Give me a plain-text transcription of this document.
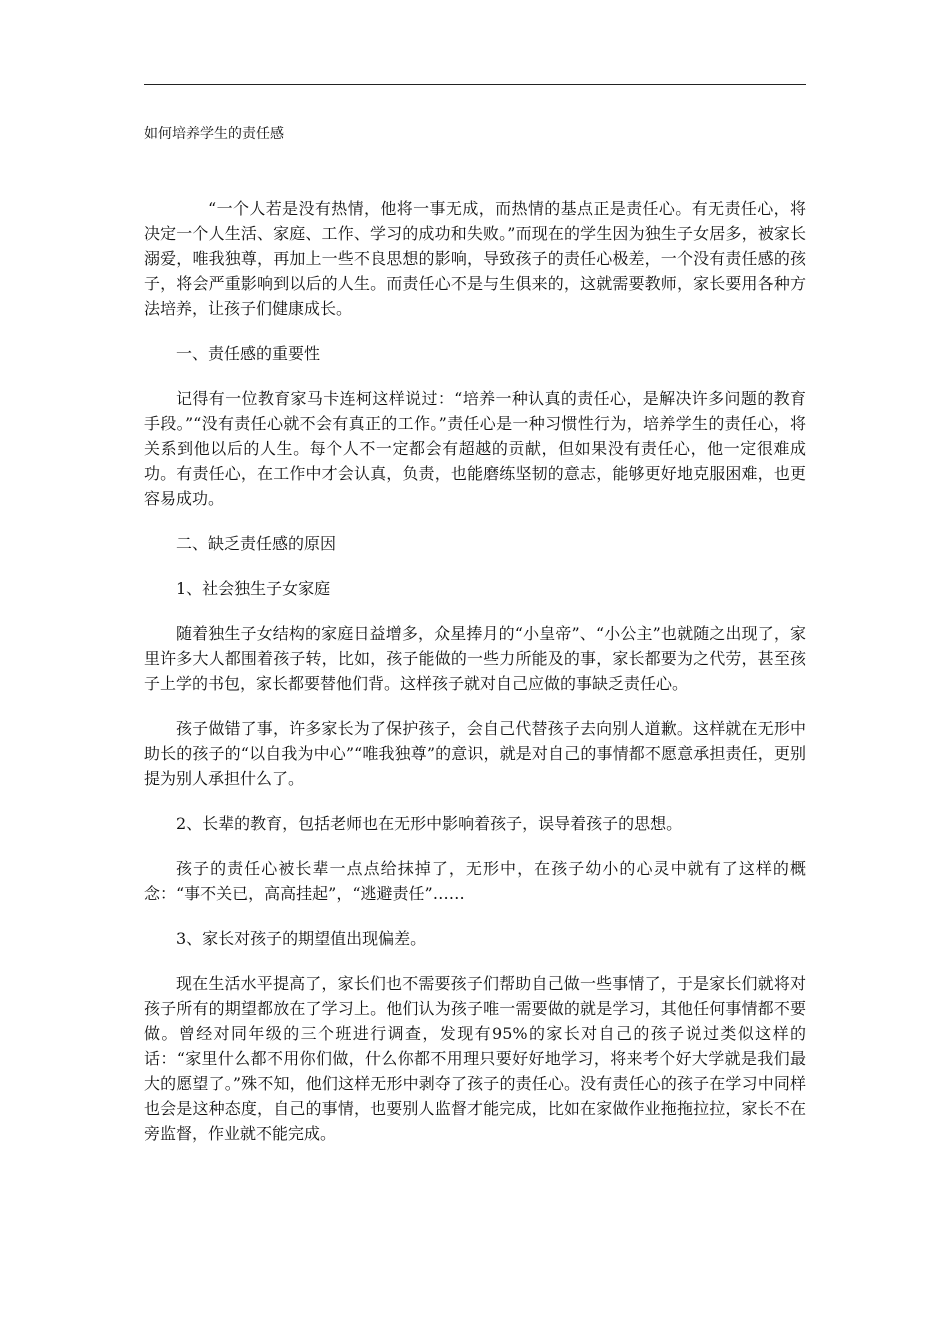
如何培养学生的责任感

“一个人若是没有热情，他将一事无成，而热情的基点正是责任心。有无责任心，将决定一个人生活、家庭、工作、学习的成功和失败。”而现在的学生因为独生子女居多，被家长溺爱，唯我独尊，再加上一些不良思想的影响，导致孩子的责任心极差，一个没有责任感的孩子，将会严重影响到以后的人生。而责任心不是与生俱来的，这就需要教师，家长要用各种方法培养，让孩子们健康成长。

一、责任感的重要性

记得有一位教育家马卡连柯这样说过：“培养一种认真的责任心，是解决许多问题的教育手段。”“没有责任心就不会有真正的工作。”责任心是一种习惯性行为，培养学生的责任心，将关系到他以后的人生。每个人不一定都会有超越的贡献，但如果没有责任心，他一定很难成功。有责任心，在工作中才会认真，负责，也能磨练坚韧的意志，能够更好地克服困难，也更容易成功。

二、缺乏责任感的原因

1、社会独生子女家庭

随着独生子女结构的家庭日益增多，众星捧月的“小皇帝”、“小公主”也就随之出现了，家里许多大人都围着孩子转，比如，孩子能做的一些力所能及的事，家长都要为之代劳，甚至孩子上学的书包，家长都要替他们背。这样孩子就对自己应做的事缺乏责任心。

孩子做错了事，许多家长为了保护孩子，会自己代替孩子去向别人道歉。这样就在无形中助长的孩子的“以自我为中心”“唯我独尊”的意识，就是对自己的事情都不愿意承担责任，更别提为别人承担什么了。

2、长辈的教育，包括老师也在无形中影响着孩子，误导着孩子的思想。

孩子的责任心被长辈一点点给抹掉了，无形中，在孩子幼小的心灵中就有了这样的概念：“事不关已，高高挂起”，“逃避责任”……

3、家长对孩子的期望值出现偏差。

现在生活水平提高了，家长们也不需要孩子们帮助自己做一些事情了，于是家长们就将对孩子所有的期望都放在了学习上。他们认为孩子唯一需要做的就是学习，其他任何事情都不要做。曾经对同年级的三个班进行调查，发现有95%的家长对自己的孩子说过类似这样的话：“家里什么都不用你们做，什么你都不用理只要好好地学习，将来考个好大学就是我们最大的愿望了。”殊不知，他们这样无形中剥夺了孩子的责任心。没有责任心的孩子在学习中同样也会是这种态度，自己的事情，也要别人监督才能完成，比如在家做作业拖拖拉拉，家长不在旁监督，作业就不能完成。
